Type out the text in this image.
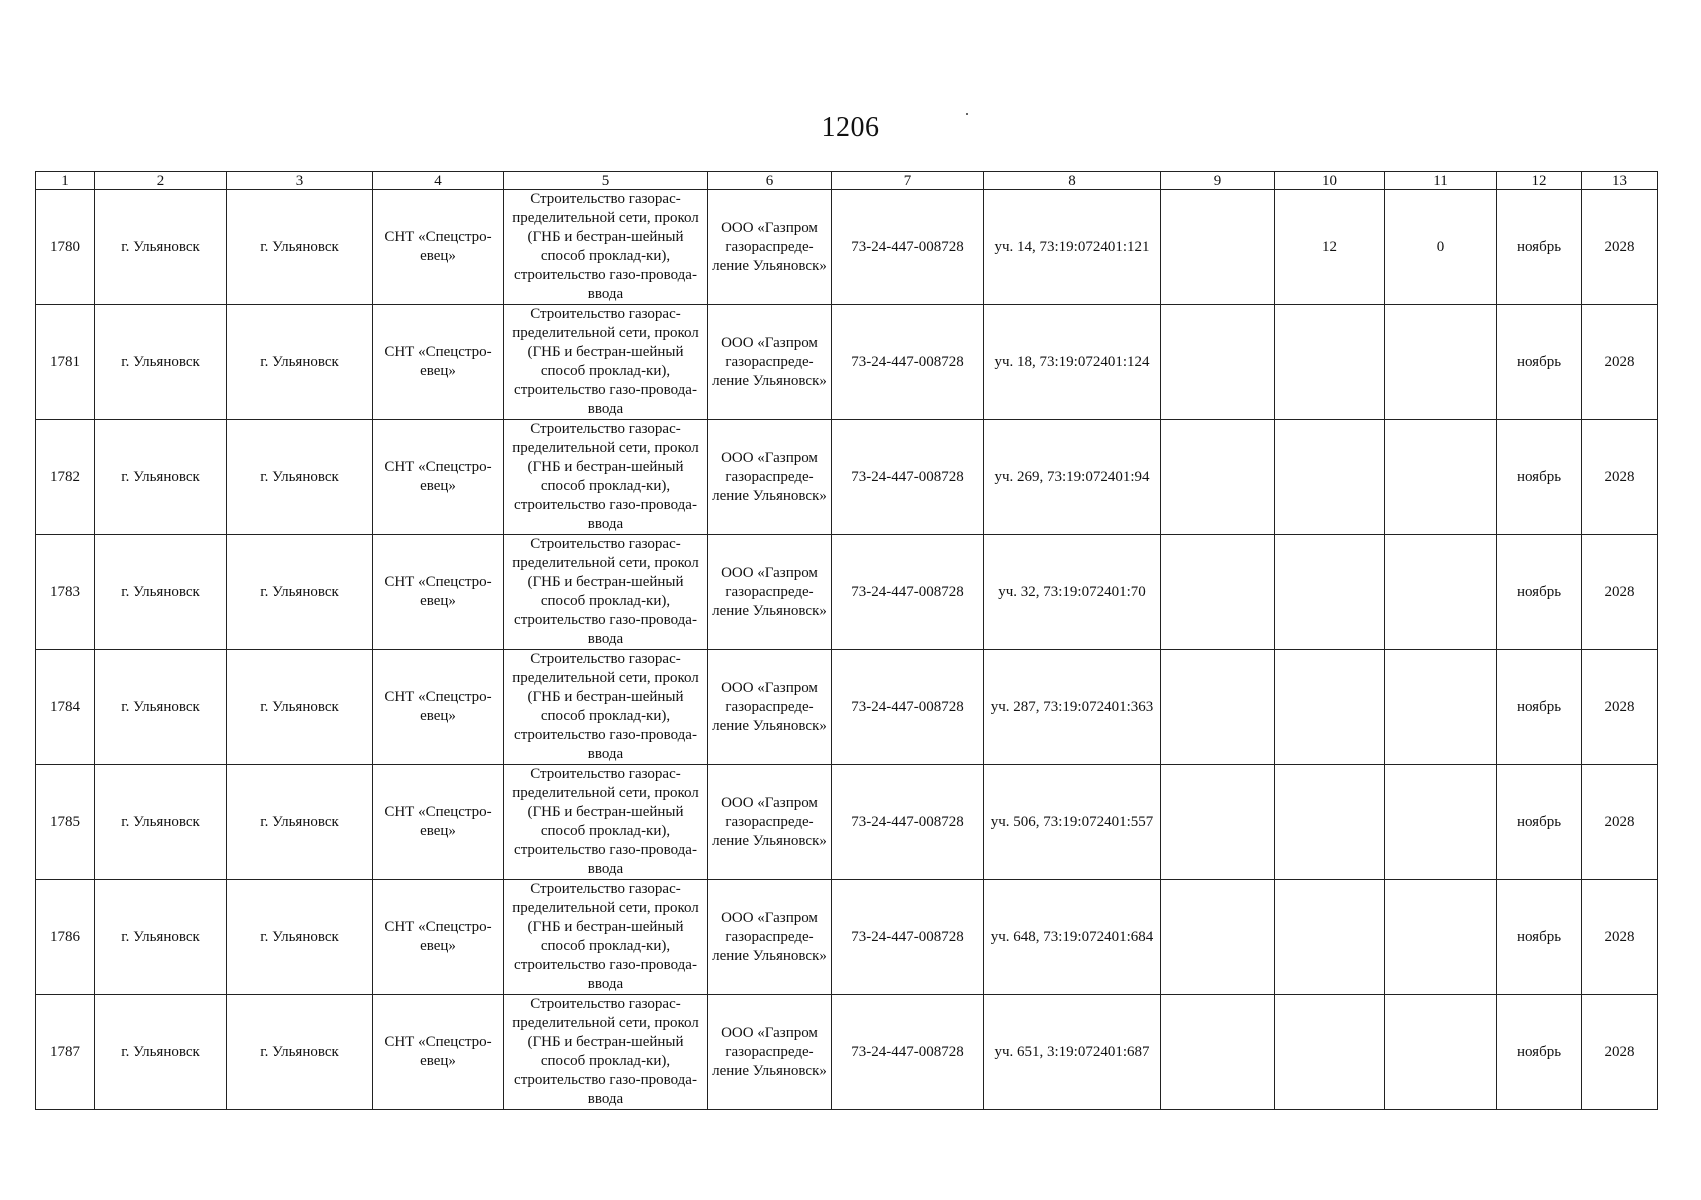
1206
1	2	3	4	5	6	7	8	9	10	11	12	13
1780	г. Ульяновск	г. Ульяновск	СНТ «Спецстро-евец»	Строительство газорас-пределительной сети, прокол (ГНБ и бестран-шейный способ проклад-ки), строительство газо-провода-ввода	ООО «Газпром газораспреде-ление Ульяновск»	73-24-447-008728	уч. 14, 73:19:072401:121		12	0	ноябрь	2028
1781	г. Ульяновск	г. Ульяновск	СНТ «Спецстро-евец»	Строительство газорас-пределительной сети, прокол (ГНБ и бестран-шейный способ проклад-ки), строительство газо-провода-ввода	ООО «Газпром газораспреде-ление Ульяновск»	73-24-447-008728	уч. 18, 73:19:072401:124				ноябрь	2028
1782	г. Ульяновск	г. Ульяновск	СНТ «Спецстро-евец»	Строительство газорас-пределительной сети, прокол (ГНБ и бестран-шейный способ проклад-ки), строительство газо-провода-ввода	ООО «Газпром газораспреде-ление Ульяновск»	73-24-447-008728	уч. 269, 73:19:072401:94				ноябрь	2028
1783	г. Ульяновск	г. Ульяновск	СНТ «Спецстро-евец»	Строительство газорас-пределительной сети, прокол (ГНБ и бестран-шейный способ проклад-ки), строительство газо-провода-ввода	ООО «Газпром газораспреде-ление Ульяновск»	73-24-447-008728	уч. 32, 73:19:072401:70				ноябрь	2028
1784	г. Ульяновск	г. Ульяновск	СНТ «Спецстро-евец»	Строительство газорас-пределительной сети, прокол (ГНБ и бестран-шейный способ проклад-ки), строительство газо-провода-ввода	ООО «Газпром газораспреде-ление Ульяновск»	73-24-447-008728	уч. 287, 73:19:072401:363				ноябрь	2028
1785	г. Ульяновск	г. Ульяновск	СНТ «Спецстро-евец»	Строительство газорас-пределительной сети, прокол (ГНБ и бестран-шейный способ проклад-ки), строительство газо-провода-ввода	ООО «Газпром газораспреде-ление Ульяновск»	73-24-447-008728	уч. 506, 73:19:072401:557				ноябрь	2028
1786	г. Ульяновск	г. Ульяновск	СНТ «Спецстро-евец»	Строительство газорас-пределительной сети, прокол (ГНБ и бестран-шейный способ проклад-ки), строительство газо-провода-ввода	ООО «Газпром газораспреде-ление Ульяновск»	73-24-447-008728	уч. 648, 73:19:072401:684				ноябрь	2028
1787	г. Ульяновск	г. Ульяновск	СНТ «Спецстро-евец»	Строительство газорас-пределительной сети, прокол (ГНБ и бестран-шейный способ проклад-ки), строительство газо-провода-ввода	ООО «Газпром газораспреде-ление Ульяновск»	73-24-447-008728	уч. 651, 3:19:072401:687				ноябрь	2028
